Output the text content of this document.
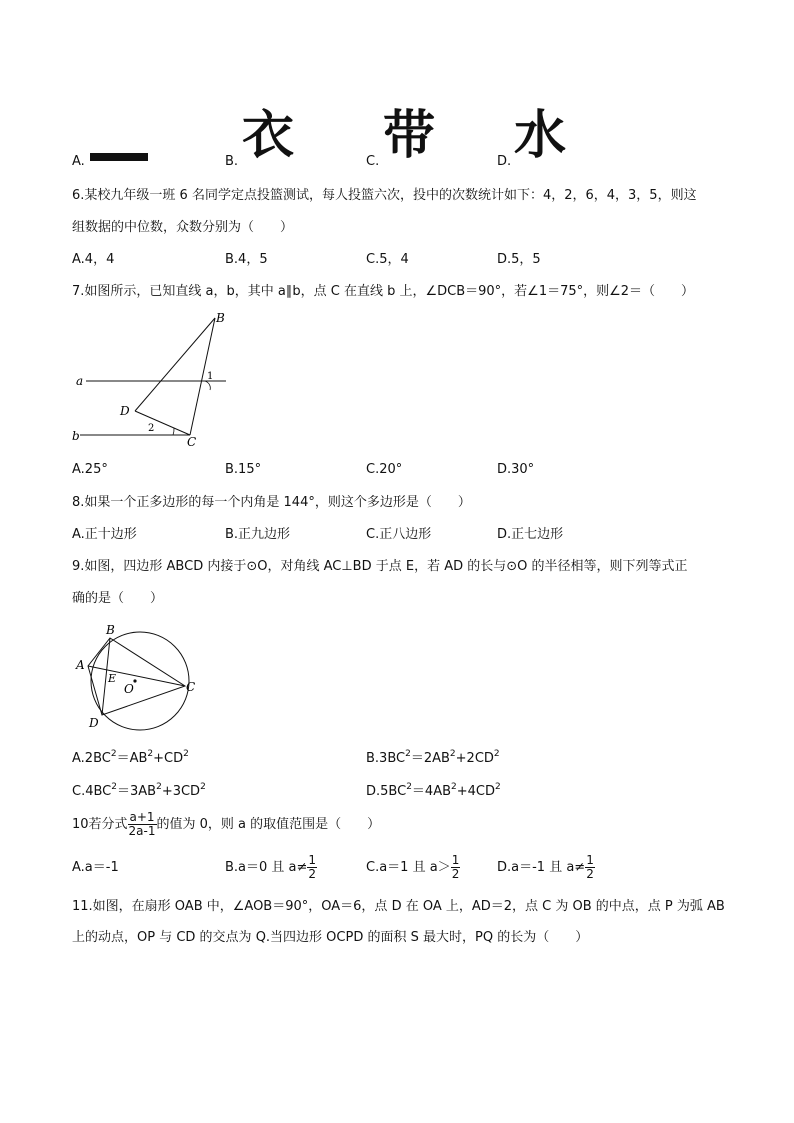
A.	B. 衣	C. 带	D. 水
6.某校九年级一班 6 名同学定点投篮测试，每人投篮六次，投中的次数统计如下：4，2，6，4，3，5，则这
组数据的中位数，众数分别为（　　）
A.4，4	B.4，5	C.5，4	D.5，5
7.如图所示，已知直线 a，b，其中 a∥b，点 C 在直线 b 上，∠DCB＝90°，若∠1＝75°，则∠2＝（　　）
B
a	1
D
b
2
C
A.25°	B.15°	C.20°	D.30°
8.如果一个正多边形的每一个内角是 144°，则这个多边形是（　　）
A.正十边形	B.正九边形	C.正八边形	D.正七边形
9.如图，四边形 ABCD 内接于⊙O，对角线 AC⊥BD 于点 E，若 AD 的长与⊙O 的半径相等，则下列等式正
确的是（　　）
B
A
E
O	C
D
$A.2BC^2=AB^2+CD^2$	$B.3BC^2=2AB^2+2CD^2$
$C.4BC^2=3AB^2+3CD^2$	$D.5BC^2=4AB^2+4CD^2$
10若分式 $\frac{a+1}{2a-1}$ 的值为 0，则 a 的取值范围是（　　）
A.a＝-1	B.a＝0 且 $a\ne \frac{1}{2}$	C.a＝1 且 $a> \frac{1}{2}$	D.a＝-1 且 $a\ne \frac{1}{2}$
11.如图，在扇形 OAB 中，∠AOB＝90°，OA＝6，点 D 在 OA 上，AD＝2，点 C 为 OB 的中点，点 P 为弧 AB
上的动点，OP 与 CD 的交点为 Q.当四边形 OCPD 的面积 S 最大时，PQ 的长为（　　）
